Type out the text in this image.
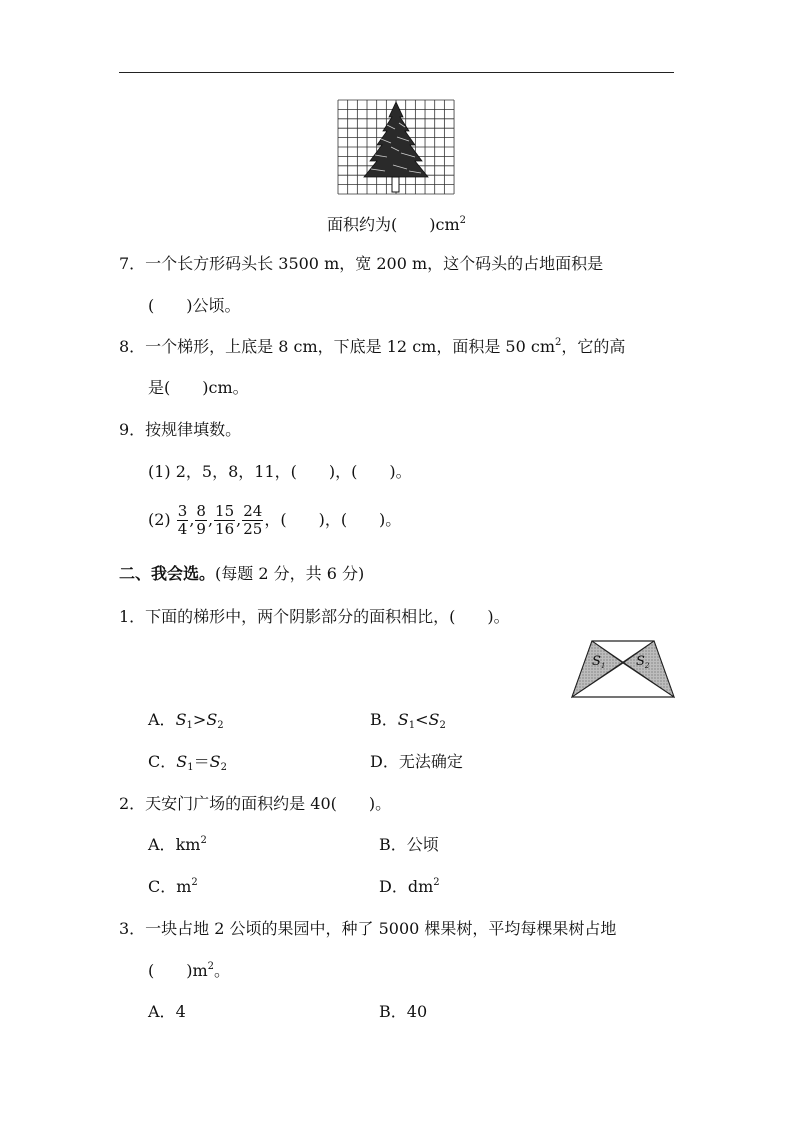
面积约为(　　)$cm^2$
7．一个长方形码头长 3500 m，宽 200 m，这个码头的占地面积是
(　　)公顷。
8．一个梯形，上底是 8 cm，下底是 12 cm，面积是 50 $cm^2$，它的高
是(　　)cm。
9．按规律填数。
(1) 2，5，8，11，(　　)，(　　)。
$(2) \frac{3}{4}$ , $\frac{8}{9}$ , $\frac{15}{16}$ , $\frac{24}{25}$ ，(　　)，(　　)。
二、我会选。(每题 2 分，共 6 分)
1．下面的梯形中，两个阴影部分的面积相比，(　　)。
$S_1$ $S_2$
A．$S_1>S_2$	B．$S_1<S_2$
C．$S_1=S_2$	D．无法确定
2．天安门广场的面积约是 40(　　)。
A．$km^2$	B．公顷
C．$m^2$	D．$dm^2$
3．一块占地 2 公顷的果园中，种了 5000 棵果树，平均每棵果树占地
(　　)$m^2$。
A．4	B．40
